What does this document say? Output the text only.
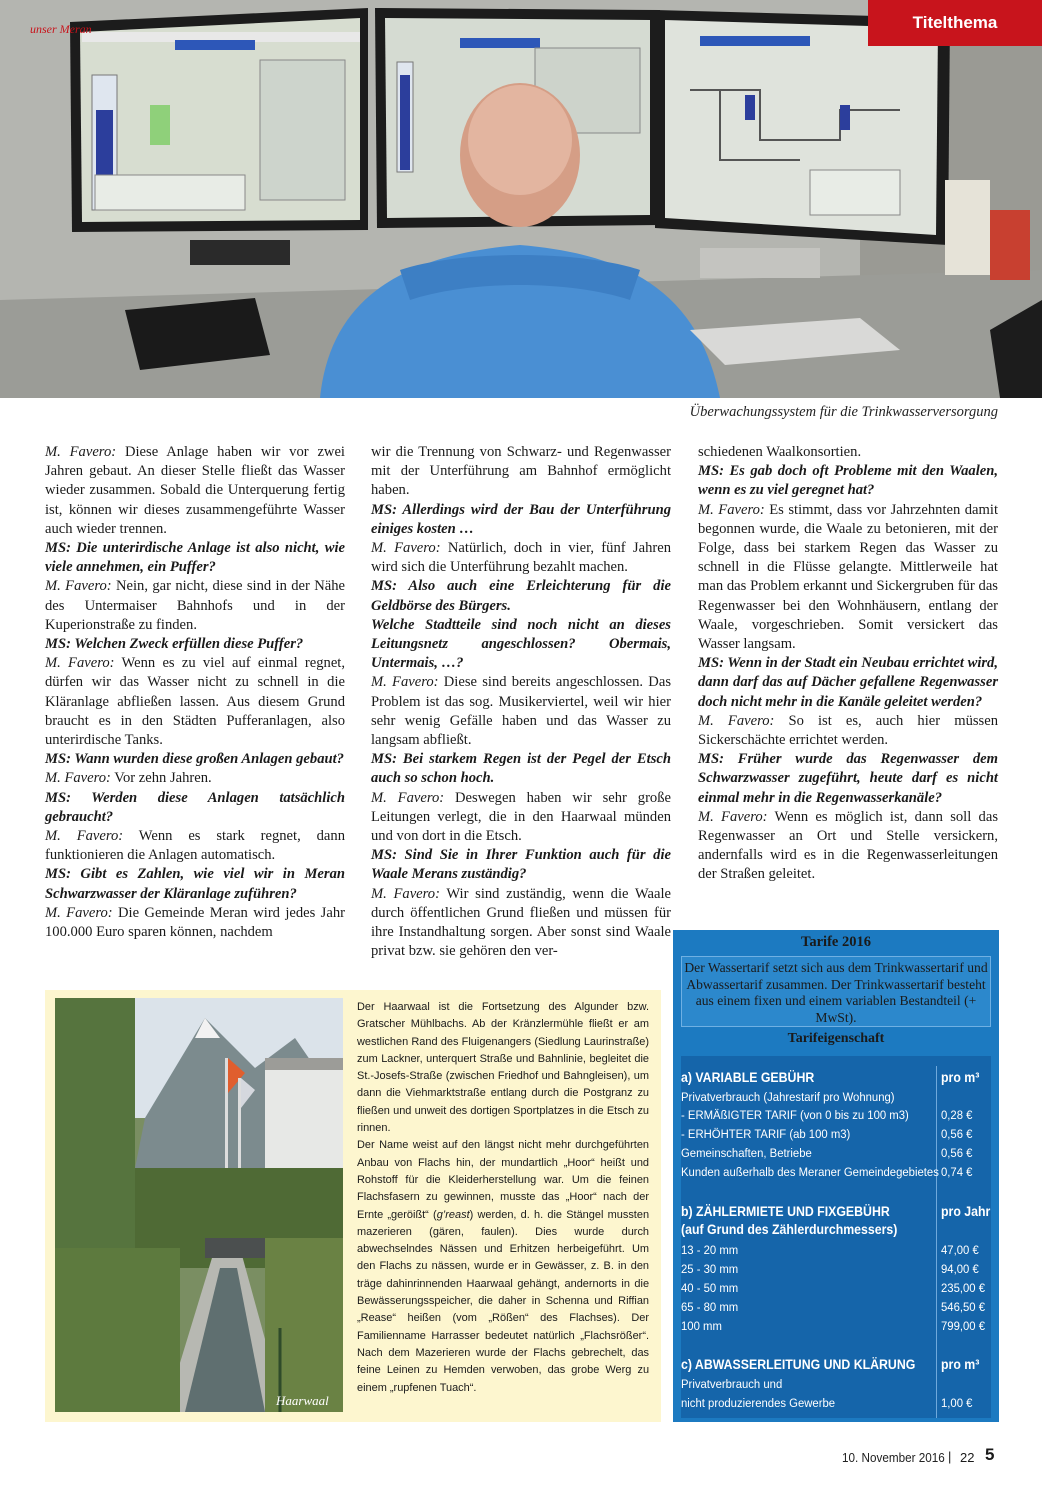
Titelthema
unser Meran
Überwachungssystem für die Trinkwasserversorgung

M. Favero: Diese Anlage haben wir vor zwei Jahren gebaut. An dieser Stelle fließt das Wasser wieder zusammen. Sobald die Unterquerung fertig ist, können wir dieses zusammengeführte Wasser auch wieder trennen.

MS: Die unterirdische Anlage ist also nicht, wie viele annehmen, ein Puffer?

M. Favero: Nein, gar nicht, diese sind in der Nähe des Untermaiser Bahnhofs und in der Kuperionstraße zu finden.

MS: Welchen Zweck erfüllen diese Puffer?

M. Favero: Wenn es zu viel auf einmal regnet, dürfen wir das Wasser nicht zu schnell in die Kläranlage abfließen lassen. Aus diesem Grund braucht es in den Städten Pufferanlagen, also unterirdische Tanks.

MS: Wann wurden diese großen Anlagen gebaut?

M. Favero: Vor zehn Jahren.

MS: Werden diese Anlagen tatsächlich gebraucht?

M. Favero: Wenn es stark regnet, dann funktionieren die Anlagen automatisch.

MS: Gibt es Zahlen, wie viel wir in Meran Schwarzwasser der Kläranlage zuführen?

M. Favero: Die Gemeinde Meran wird jedes Jahr 100.000 Euro sparen können, nachdem

wir die Trennung von Schwarz- und Regenwasser mit der Unterführung am Bahnhof ermöglicht haben.

MS: Allerdings wird der Bau der Unterführung einiges kosten …

M. Favero: Natürlich, doch in vier, fünf Jahren wird sich die Unterführung bezahlt machen.

MS: Also auch eine Erleichterung für die Geldbörse des Bürgers.

Welche Stadtteile sind noch nicht an dieses Leitungsnetz angeschlossen? Obermais, Untermais, …?

M. Favero: Diese sind bereits angeschlossen. Das Problem ist das sog. Musikerviertel, weil wir hier sehr wenig Gefälle haben und das Wasser zu langsam abfließt.

MS: Bei starkem Regen ist der Pegel der Etsch auch so schon hoch.

M. Favero: Deswegen haben wir sehr große Leitungen verlegt, die in den Haarwaal münden und von dort in die Etsch.

MS: Sind Sie in Ihrer Funktion auch für die Waale Merans zuständig?

M. Favero: Wir sind zuständig, wenn die Waale durch öffentlichen Grund fließen und müssen für ihre Instandhaltung sorgen. Aber sonst sind Waale privat bzw. sie gehören den ver-

schiedenen Waalkonsortien.

MS: Es gab doch oft Probleme mit den Waalen, wenn es zu viel geregnet hat?

M. Favero: Es stimmt, dass vor Jahrzehnten damit begonnen wurde, die Waale zu betonieren, mit der Folge, dass bei starkem Regen das Wasser zu schnell in die Flüsse gelangte. Mittlerweile hat man das Problem erkannt und Sickergruben für das Regenwasser bei den Wohnhäusern, entlang der Waale, vorgeschrieben. Somit versickert das Wasser langsam.

MS: Wenn in der Stadt ein Neubau errichtet wird, dann darf das auf Dächer gefallene Regenwasser doch nicht mehr in die Kanäle geleitet werden?

M. Favero: So ist es, auch hier müssen Sickerschächte errichtet werden.

MS: Früher wurde das Regenwasser dem Schwarzwasser zugeführt, heute darf es nicht einmal mehr in die Regenwasserkanäle?

M. Favero: Wenn es möglich ist, dann soll das Regenwasser an Ort und Stelle versickern, andernfalls wird es in die Regenwasserleitungen der Straßen geleitet.

Haarwaal

Der Haarwaal ist die Fortsetzung des Algunder bzw. Gratscher Mühlbachs. Ab der Kränzlermühle fließt er am westlichen Rand des Fluigenangers (Siedlung Laurinstraße) zum Lackner, unterquert Straße und Bahnlinie, begleitet die St.-Josefs-Straße (zwischen Friedhof und Bahngleisen), um dann die Viehmarktstraße entlang durch die Postgranz zu fließen und unweit des dortigen Sportplatzes in die Etsch zu rinnen.

Der Name weist auf den längst nicht mehr durchgeführten Anbau von Flachs hin, der mundartlich „Hoor“ heißt und Rohstoff für die Kleiderherstellung war. Um die feinen Flachsfasern zu gewinnen, musste das „Hoor“ nach der Ernte „geröißt“ (g’reast) werden, d. h. die Stängel mussten mazerieren (gären, faulen). Dies wurde durch abwechselndes Nässen und Erhitzen herbeigeführt. Um den Flachs zu nässen, wurde er in Gewässer, z. B. in den träge dahinrinnenden Haarwaal gehängt, andernorts in die Bewässerungsspeicher, die daher in Schenna und Riffian „Rease“ heißen (vom „Rößen“ des Flachses). Der Familienname Harrasser bedeutet natürlich „Flachsrößer“. Nach dem Mazerieren wurde der Flachs gebrechelt, das feine Leinen zu Hemden verwoben, das grobe Werg zu einem „rupfenen Tuach“.

Tarife 2016
Der Wassertarif setzt sich aus dem Trinkwassertarif und Abwassertarif zusammen. Der Trinkwassertarif besteht aus einem fixen und einem variablen Bestandteil (+ MwSt).
Tarifeigenschaft
a) VARIABLE GEBÜHR	pro m³
Privatverbrauch (Jahrestarif pro Wohnung)
- ERMÄßIGTER TARIF (von 0 bis zu 100 m3)	0,28 €
- ERHÖHTER TARIF (ab 100 m3)	0,56 €
Gemeinschaften, Betriebe	0,56 €
Kunden außerhalb des Meraner Gemeindegebietes 0,74 €
b) ZÄHLERMIETE UND FIXGEBÜHR	pro Jahr
(auf Grund des Zählerdurchmessers)
13 - 20 mm	47,00 €
25 - 30 mm	94,00 €
40 - 50 mm	235,00 €
65 - 80 mm	546,50 €
100 mm	799,00 €
c) ABWASSERLEITUNG UND KLÄRUNG pro m³
Privatverbrauch und
nicht produzierendes Gewerbe	1,00 €
10. November 2016 | 22 5
